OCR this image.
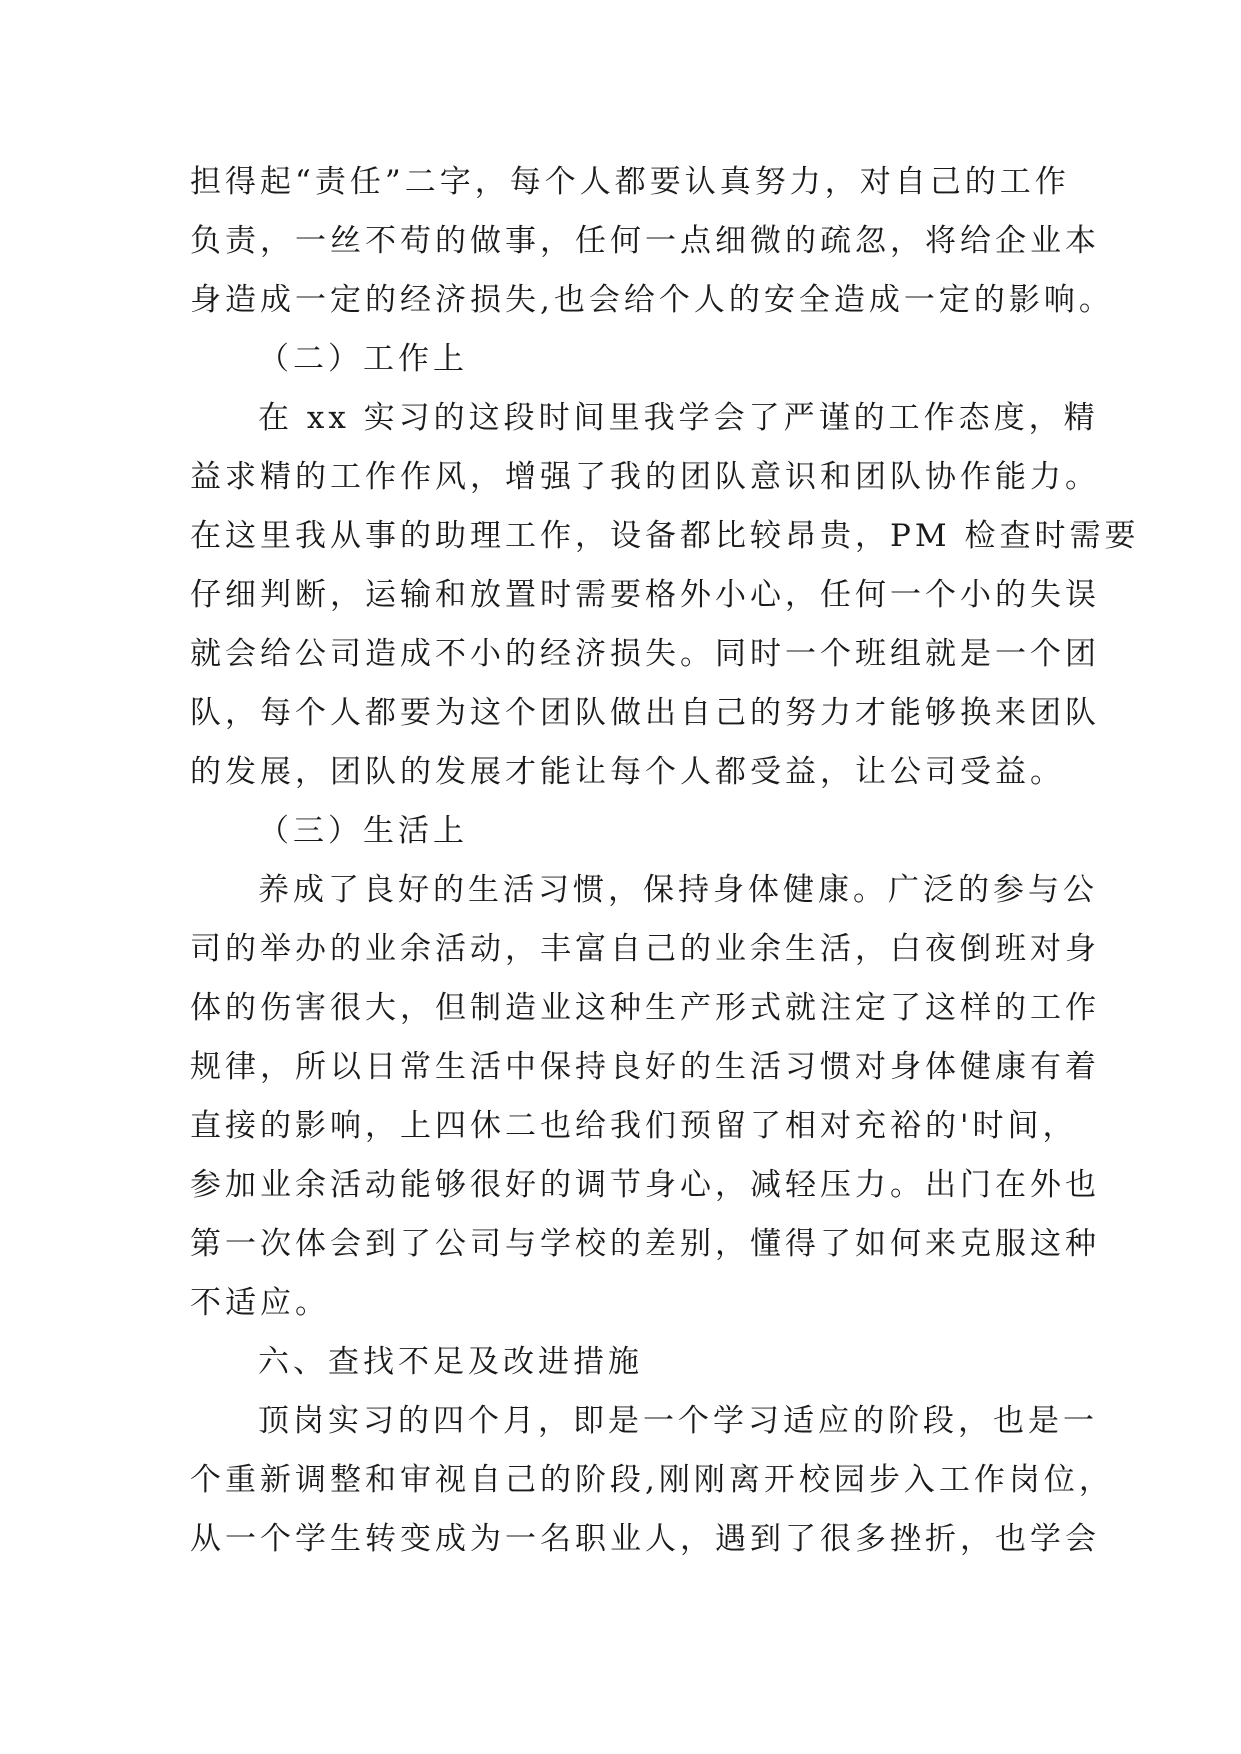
担得起“责任”二字，每个人都要认真努力，对自己的工作
负责，一丝不苟的做事，任何一点细微的疏忽，将给企业本
身造成一定的经济损失,也会给个人的安全造成一定的影响。
（二）工作上
在 xx 实习的这段时间里我学会了严谨的工作态度，精
益求精的工作作风，增强了我的团队意识和团队协作能力。
在这里我从事的助理工作，设备都比较昂贵，PM 检查时需要
仔细判断，运输和放置时需要格外小心，任何一个小的失误
就会给公司造成不小的经济损失。同时一个班组就是一个团
队，每个人都要为这个团队做出自己的努力才能够换来团队
的发展，团队的发展才能让每个人都受益，让公司受益。
（三）生活上
养成了良好的生活习惯，保持身体健康。广泛的参与公
司的举办的业余活动，丰富自己的业余生活，白夜倒班对身
体的伤害很大，但制造业这种生产形式就注定了这样的工作
规律，所以日常生活中保持良好的生活习惯对身体健康有着
直接的影响，上四休二也给我们预留了相对充裕的'时间，
参加业余活动能够很好的调节身心，减轻压力。出门在外也
第一次体会到了公司与学校的差别，懂得了如何来克服这种
不适应。
六、查找不足及改进措施
顶岗实习的四个月，即是一个学习适应的阶段，也是一
个重新调整和审视自己的阶段,刚刚离开校园步入工作岗位，
从一个学生转变成为一名职业人，遇到了很多挫折，也学会
